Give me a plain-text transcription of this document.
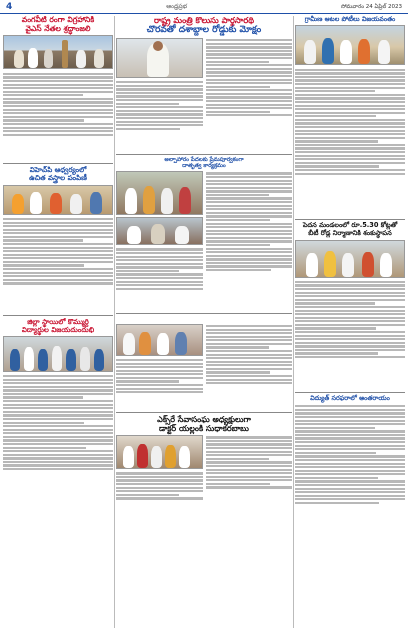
4	ఆంధ్రప్రభ	సోమవారం 24 ఏప్రిల్ 2023
వంగవీటి రంగా విగ్రహానికి
వైఎస్ నేతల శ్రద్ధాంజలి
విహెచ్‌పి ఆధ్వర్యంలో
ఉచిత వస్త్రాల పంపిణీ
జిల్లా స్థాయిలో కొమ్ముర్ది
విద్యార్థుల విజయదుందుభి
రాష్ట్ర మంత్రి కొలుసు పార్థసారథి
చొరవతో దశాబ్దాల రోడ్డుకు మోక్షం
అల్పాహారం పేదలకు ప్రేమపూర్వకంగా
దాతృత్వ కార్యక్రమం

ఎక్స్‌రే సేవాసంఘ అధ్యక్షులుగా
డాక్టర్ యల్లంకి సుధాకరబాబు
గ్రామీణ ఆటల పోటీలు విజయవంతం
పెదన మండలంలో రూ.5.30 కోట్లతో
బీటీ రోడ్ల నిర్మాణానికి శంకుస్థాపన
విద్యుత్ సరఫరాలో అంతరాయం
